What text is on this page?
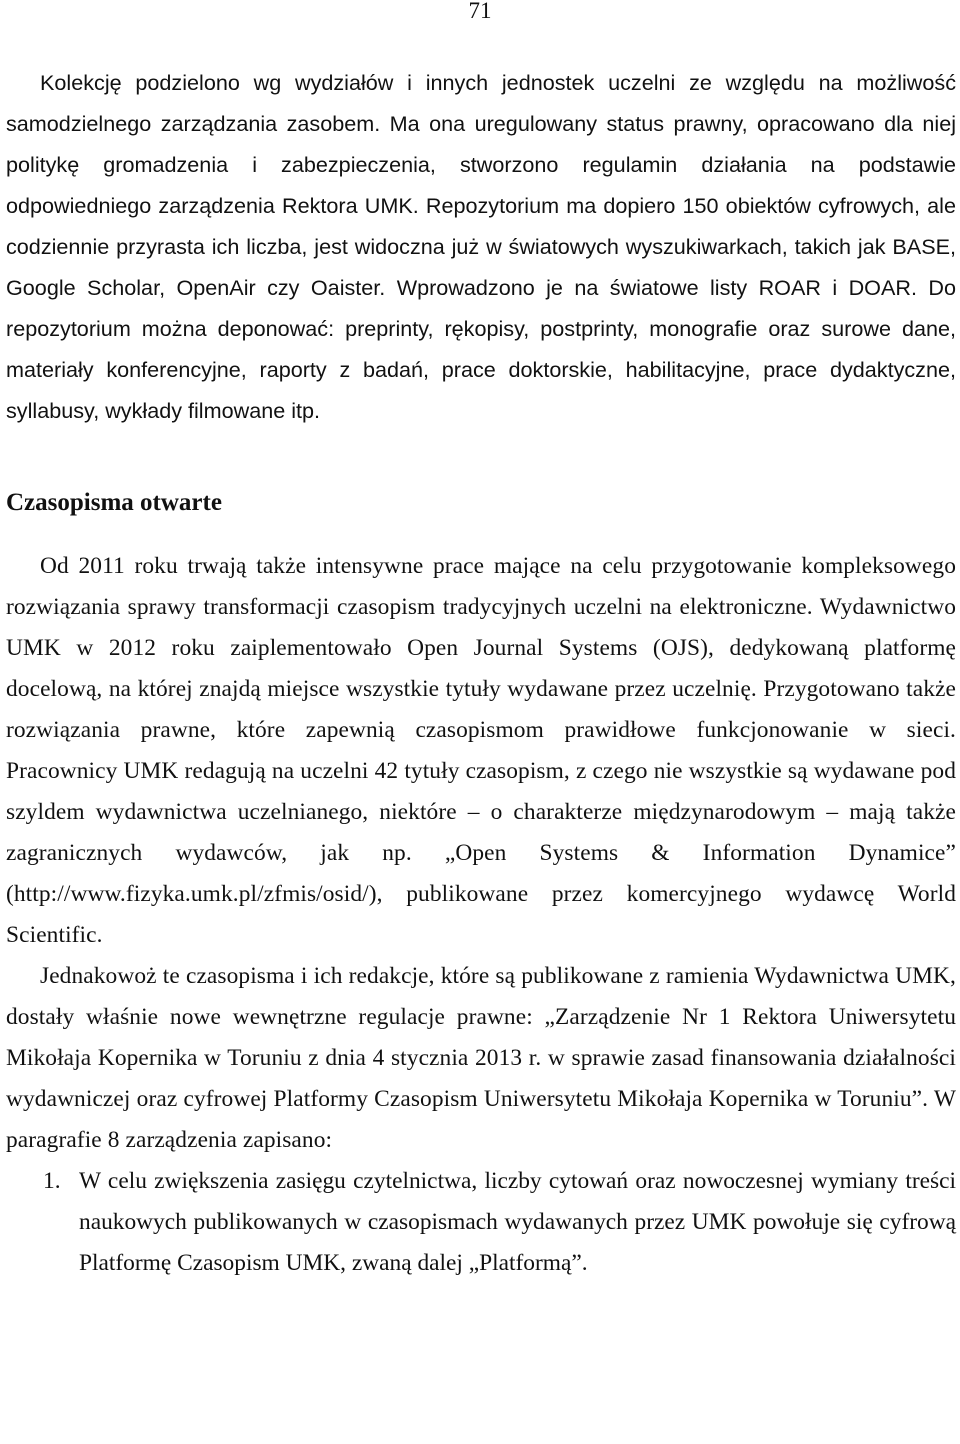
71

Kolekcję podzielono wg wydziałów i innych jednostek uczelni ze względu na możliwość samodzielnego zarządzania zasobem. Ma ona uregulowany status prawny, opracowano dla niej politykę gromadzenia i zabezpieczenia, stworzono regulamin działania na podstawie odpowiedniego zarządzenia Rektora UMK. Repozytorium ma dopiero 150 obiektów cyfrowych, ale codziennie przyrasta ich liczba, jest widoczna już w światowych wyszukiwarkach, takich jak BASE, Google Scholar, OpenAir czy Oaister. Wprowadzono je na światowe listy ROAR i DOAR. Do repozytorium można deponować: preprinty, rękopisy, postprinty, monografie oraz surowe dane, materiały konferencyjne, raporty z badań, prace doktorskie, habilitacyjne, prace dydaktyczne, syllabusy, wykłady filmowane itp.

Czasopisma otwarte

Od 2011 roku trwają także intensywne prace mające na celu przygotowanie kompleksowego rozwiązania sprawy transformacji czasopism tradycyjnych uczelni na elektroniczne. Wydawnictwo UMK w 2012 roku zaiplementowało Open Journal Systems (OJS), dedykowaną platformę docelową, na której znajdą miejsce wszystkie tytuły wydawane przez uczelnię. Przygotowano także rozwiązania prawne, które zapewnią czasopismom prawidłowe funkcjonowanie w sieci. Pracownicy UMK redagują na uczelni 42 tytuły czasopism, z czego nie wszystkie są wydawane pod szyldem wydawnictwa uczelnianego, niektóre – o charakterze międzynarodowym – mają także zagranicznych wydawców, jak np. „Open Systems & Information Dynamice” (http://www.fizyka.umk.pl/zfmis/osid/), publikowane przez komercyjnego wydawcę World Scientific.

Jednakowoż te czasopisma i ich redakcje, które są publikowane z ramienia Wydawnictwa UMK, dostały właśnie nowe wewnętrzne regulacje prawne: „Zarządzenie Nr 1 Rektora Uniwersytetu Mikołaja Kopernika w Toruniu z dnia 4 stycznia 2013 r. w sprawie zasad finansowania działalności wydawniczej oraz cyfrowej Platformy Czasopism Uniwersytetu Mikołaja Kopernika w Toruniu”. W paragrafie 8 zarządzenia zapisano:

1. W celu zwiększenia zasięgu czytelnictwa, liczby cytowań oraz nowoczesnej wymiany treści naukowych publikowanych w czasopismach wydawanych przez UMK powołuje się cyfrową Platformę Czasopism UMK, zwaną dalej „Platformą”.
